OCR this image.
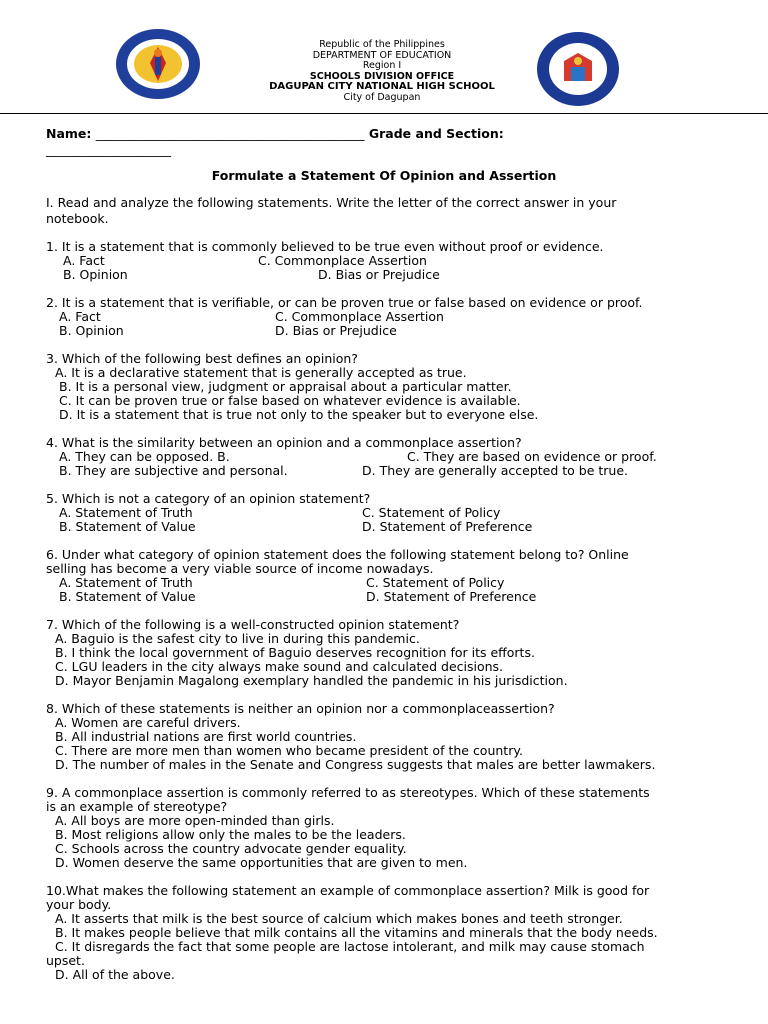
Republic of the Philippines
DEPARTMENT OF EDUCATION
Region I
SCHOOLS DIVISION OFFICE
DAGUPAN CITY NATIONAL HIGH SCHOOL
City of Dagupan
Name: ___________________________________________ Grade and Section:
____________________
Formulate a Statement Of Opinion and Assertion
I. Read and analyze the following statements. Write the letter of the correct answer in your
notebook.
1. It is a statement that is commonly believed to be true even without proof or evidence.
A. Fact	C. Commonplace Assertion
B. Opinion	D. Bias or Prejudice
2. It is a statement that is verifiable, or can be proven true or false based on evidence or proof.
A. Fact	C. Commonplace Assertion
B. Opinion	D. Bias or Prejudice
3. Which of the following best defines an opinion?
A. It is a declarative statement that is generally accepted as true.
B. It is a personal view, judgment or appraisal about a particular matter.
C. It can be proven true or false based on whatever evidence is available.
D. It is a statement that is true not only to the speaker but to everyone else.
4. What is the similarity between an opinion and a commonplace assertion?
A. They can be opposed. B.	C. They are based on evidence or proof.
B. They are subjective and personal.	D. They are generally accepted to be true.
5. Which is not a category of an opinion statement?
A. Statement of Truth	C. Statement of Policy
B. Statement of Value	D. Statement of Preference
6. Under what category of opinion statement does the following statement belong to? Online
selling has become a very viable source of income nowadays.
A. Statement of Truth	C. Statement of Policy
B. Statement of Value	D. Statement of Preference
7. Which of the following is a well-constructed opinion statement?
A. Baguio is the safest city to live in during this pandemic.
B. I think the local government of Baguio deserves recognition for its efforts.
C. LGU leaders in the city always make sound and calculated decisions.
D. Mayor Benjamin Magalong exemplary handled the pandemic in his jurisdiction.
8. Which of these statements is neither an opinion nor a commonplaceassertion?
A. Women are careful drivers.
B. All industrial nations are first world countries.
C. There are more men than women who became president of the country.
D. The number of males in the Senate and Congress suggests that males are better lawmakers.
9. A commonplace assertion is commonly referred to as stereotypes. Which of these statements
is an example of stereotype?
A. All boys are more open-minded than girls.
B. Most religions allow only the males to be the leaders.
C. Schools across the country advocate gender equality.
D. Women deserve the same opportunities that are given to men.
10.What makes the following statement an example of commonplace assertion? Milk is good for
your body.
A. It asserts that milk is the best source of calcium which makes bones and teeth stronger.
B. It makes people believe that milk contains all the vitamins and minerals that the body needs.
C. It disregards the fact that some people are lactose intolerant, and milk may cause stomach
upset.
D. All of the above.
